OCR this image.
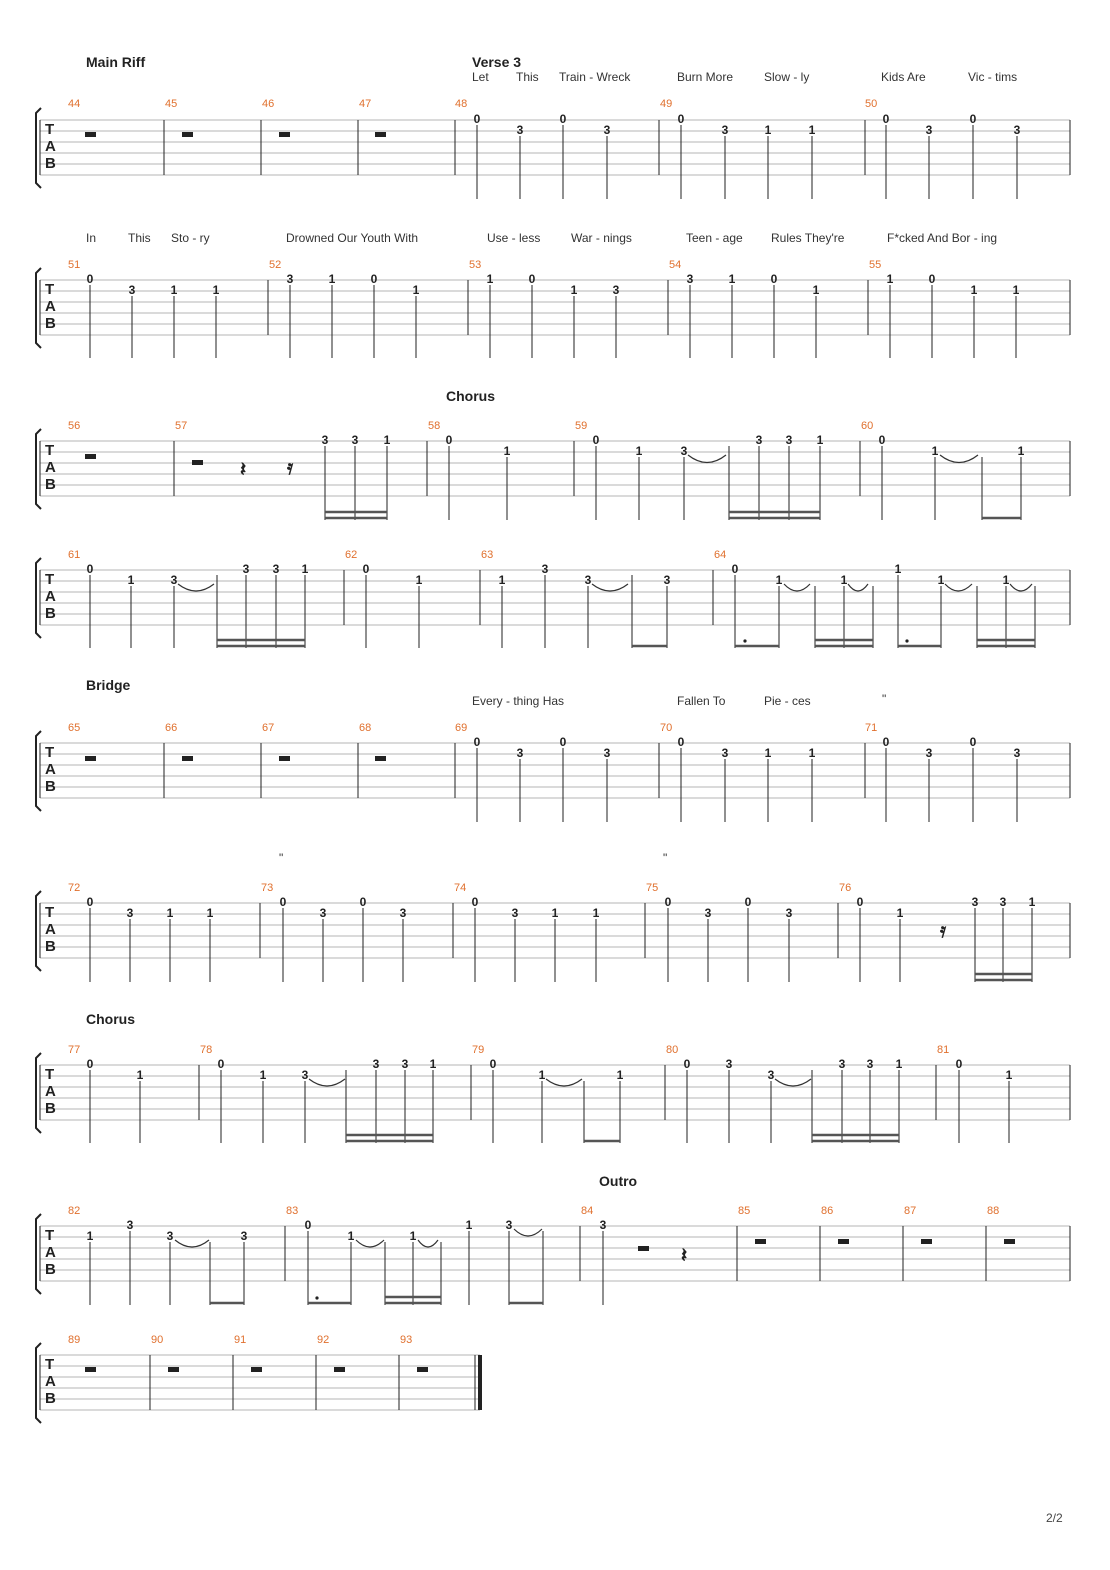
Main Riff	Verse 3
Let This Train - Wreck	Burn More	Slow - ly	Kids Are	Vic - tims
T
A
B
44	45	46	47	48	49	50
0
3
0
3
0
3	1	1
0
3
0
3
In	This Sto - ry	Drowned Our Youth With	Use - less	War - nings	Teen - age Rules They're	F*cked And Bor - ing
T
A
B
51	52	53	54	55
0
3	1	1
3	1	0
1
1	0
1	3
3	1	0
1
1	0
1	1
Chorus
T
A
B
56	57	58	59	60
𝄽 𝄿
3 3 1	0
1
0
1	3
3 3 1	0
1	1
T
A
B
61	62	63	64
0
1	3
3 3 1	0
1	1
3
3	3
0
1	1
1
1	1
Bridge
Every - thing Has	Fallen To	Pie - ces	"
T
A
B
65	66	67	68	69	70	71
0
3
0
3
0
3	1	1
0
3
0
3
"	"
T
A
B
72	73	74	75	76
𝄿
0
3	1	1
0
3
0
3
0
3	1	1
0
3
0
3
0
1
3 3 1
Chorus
T
A
B
77	78	79	80	81
0
1
0
1	3
3 3 1	0
1	1
0	3
3
3 3 1	0
1
Outro
T
A
B
82	83	84	85	86	87	88
𝄽
1
3
3	3
0
1	1
1	3	3
T
A
B
89	90	91	92	93
2/2
